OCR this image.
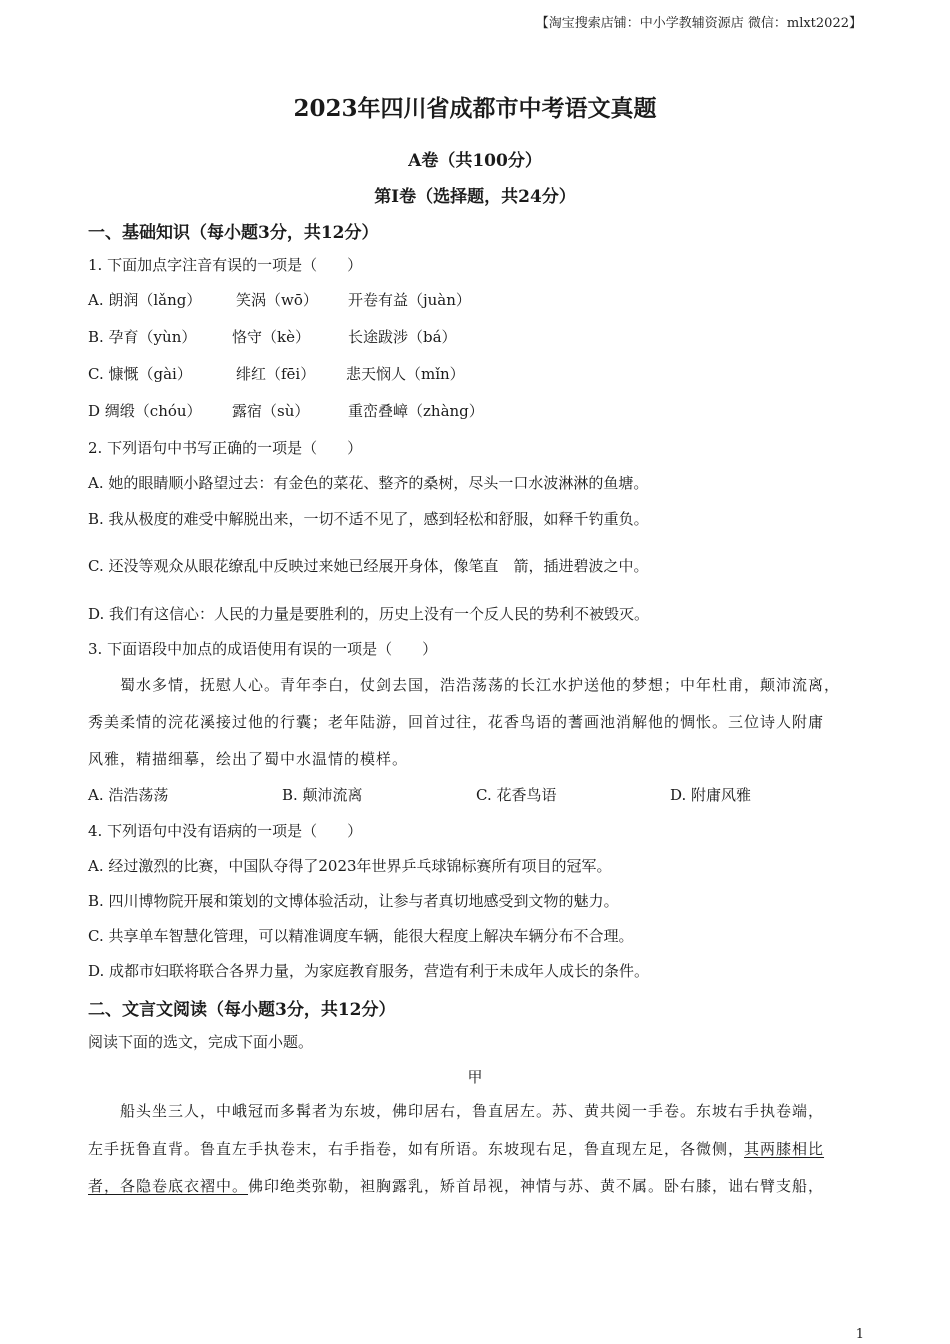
【淘宝搜索店铺：中小学教辅资源店 微信：mlxt2022】
2023年四川省成都市中考语文真题
A卷（共100分）
第Ⅰ卷（选择题，共24分）
一、基础知识（每小题3分，共12分）
1. 下面加点字注音有误的一项是（　　）
A. 朗润（lǎng） 笑涡（wō） 开卷有益（juàn）
B. 孕育（yùn） 恪守（kè）	长途跋涉（bá）
C. 慷慨（gài）	绯红（fēi） 悲天悯人（mǐn）
D 绸缎（chóu） 露宿（sù）	重峦叠嶂（zhàng）
2. 下列语句中书写正确的一项是（　　）
A. 她的眼睛顺小路望过去：有金色的菜花、整齐的桑树，尽头一口水波淋淋的鱼塘。
B. 我从极度的难受中解脱出来，一切不适不见了，感到轻松和舒服，如释千钓重负。
C. 还没等观众从眼花缭乱中反映过来她已经展开身体，像笔直　箭，插进碧波之中。
D. 我们有这信心：人民的力量是要胜利的，历史上没有一个反人民的势利不被毁灭。
3. 下面语段中加点的成语使用有误的一项是（　　）
　　蜀水多情，抚慰人心。青年李白，仗剑去国，浩浩荡荡的长江水护送他的梦想；中年杜甫，颠沛流离，
秀美柔情的浣花溪接过他的行囊；老年陆游，回首过往，花香鸟语的蓍画池消解他的惆怅。三位诗人附庸
风雅，精描细摹，绘出了蜀中水温情的模样。
A. 浩浩荡荡	B. 颠沛流离	C. 花香鸟语	D. 附庸风雅
4. 下列语句中没有语病的一项是（　　）
A. 经过激烈的比赛，中国队夺得了2023年世界乒乓球锦标赛所有项目的冠军。
B. 四川博物院开展和策划的文博体验活动，让参与者真切地感受到文物的魅力。
C. 共享单车智慧化管理，可以精准调度车辆，能很大程度上解决车辆分布不合理。
D. 成都市妇联将联合各界力量，为家庭教育服务，营造有利于未成年人成长的条件。
二、文言文阅读（每小题3分，共12分）
阅读下面的选文，完成下面小题。
甲
　　船头坐三人，中峨冠而多髯者为东坡，佛印居右，鲁直居左。苏、黄共阅一手卷。东坡右手执卷端，
左手抚鲁直背。鲁直左手执卷末，右手指卷，如有所语。东坡现右足，鲁直现左足，各微侧，其两膝相比
者，各隐卷底衣褶中。佛印绝类弥勒，袒胸露乳，矫首昂视，神情与苏、黄不属。卧右膝，诎右臂支船，
1
